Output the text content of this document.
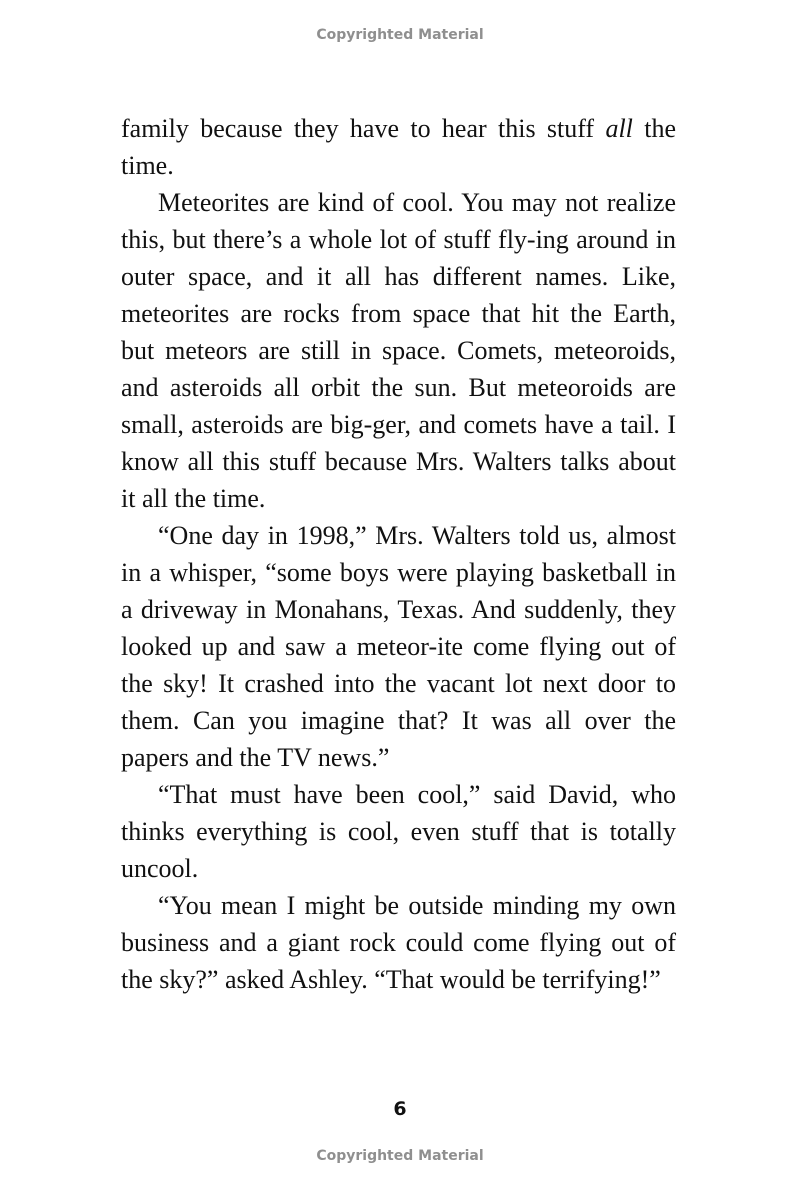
Copyrighted Material

family because they have to hear this stuff all the time.

Meteorites are kind of cool. You may not realize this, but there’s a whole lot of stuff fly-ing around in outer space, and it all has different names. Like, meteorites are rocks from space that hit the Earth, but meteors are still in space. Comets, meteoroids, and asteroids all orbit the sun. But meteoroids are small, asteroids are big-ger, and comets have a tail. I know all this stuff because Mrs. Walters talks about it all the time.

“One day in 1998,” Mrs. Walters told us, almost in a whisper, “some boys were playing basketball in a driveway in Monahans, Texas. And suddenly, they looked up and saw a meteor-ite come flying out of the sky! It crashed into the vacant lot next door to them. Can you imagine that? It was all over the papers and the TV news.”

“That must have been cool,” said David, who thinks everything is cool, even stuff that is totally uncool.

“You mean I might be outside minding my own business and a giant rock could come flying out of the sky?” asked Ashley. “That would be terrifying!”

6
Copyrighted Material
